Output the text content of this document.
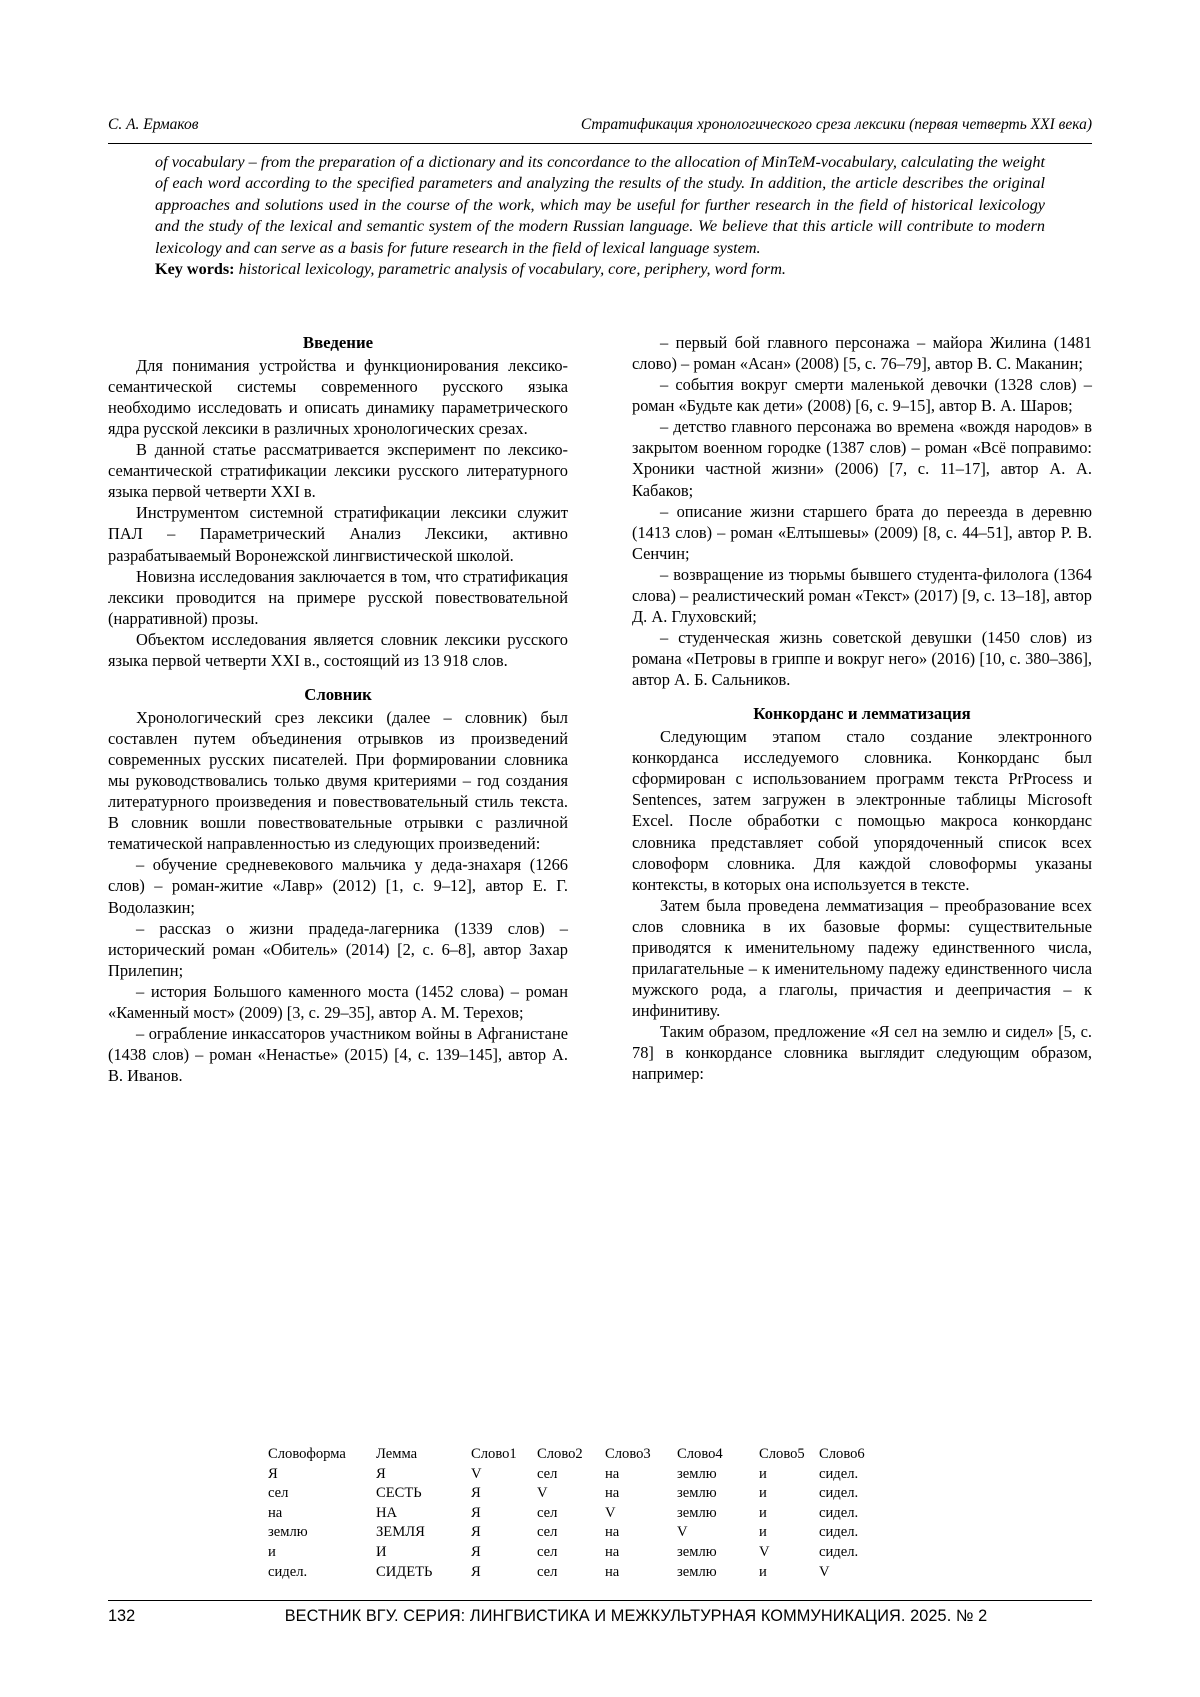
С. А. Ермаков	Стратификация хронологического среза лексики (первая четверть XXI века)

of vocabulary – from the preparation of a dictionary and its concordance to the allocation of MinTeM-vocabulary, calculating the weight of each word according to the specified parameters and analyzing the results of the study. In addition, the article describes the original approaches and solutions used in the course of the work, which may be useful for further research in the field of historical lexicology and the study of the lexical and semantic system of the modern Russian language. We believe that this article will contribute to modern lexicology and can serve as a basis for future research in the field of lexical language system.

Key words: historical lexicology, parametric analysis of vocabulary, core, periphery, word form.

Введение

Для понимания устройства и функционирования лексико-семантической системы современного русского языка необходимо исследовать и описать динамику параметрического ядра русской лексики в различных хронологических срезах.

В данной статье рассматривается эксперимент по лексико-семантической стратификации лексики русского литературного языка первой четверти XXI в.

Инструментом системной стратификации лексики служит ПАЛ – Параметрический Анализ Лексики, активно разрабатываемый Воронежской лингвистической школой.

Новизна исследования заключается в том, что стратификация лексики проводится на примере русской повествовательной (нарративной) прозы.

Объектом исследования является словник лексики русского языка первой четверти XXI в., состоящий из 13 918 слов.

Словник

Хронологический срез лексики (далее – словник) был составлен путем объединения отрывков из произведений современных русских писателей. При формировании словника мы руководствовались только двумя критериями – год создания литературного произведения и повествовательный стиль текста. В словник вошли повествовательные отрывки с различной тематической направленностью из следующих произведений:

– обучение средневекового мальчика у деда-знахаря (1266 слов) – роман-житие «Лавр» (2012) [1, с. 9–12], автор Е. Г. Водолазкин;

– рассказ о жизни прадеда-лагерника (1339 слов) – исторический роман «Обитель» (2014) [2, с. 6–8], автор Захар Прилепин;

– история Большого каменного моста (1452 слова) – роман «Каменный мост» (2009) [3, с. 29–35], автор А. М. Терехов;

– ограбление инкассаторов участником войны в Афганистане (1438 слов) – роман «Ненастье» (2015) [4, с. 139–145], автор А. В. Иванов.

– первый бой главного персонажа – майора Жилина (1481 слово) – роман «Асан» (2008) [5, с. 76–79], автор В. С. Маканин;

– события вокруг смерти маленькой девочки (1328 слов) – роман «Будьте как дети» (2008) [6, с. 9–15], автор В. А. Шаров;

– детство главного персонажа во времена «вождя народов» в закрытом военном городке (1387 слов) – роман «Всё поправимо: Хроники частной жизни» (2006) [7, с. 11–17], автор А. А. Кабаков;

– описание жизни старшего брата до переезда в деревню (1413 слов) – роман «Елтышевы» (2009) [8, с. 44–51], автор Р. В. Сенчин;

– возвращение из тюрьмы бывшего студента-филолога (1364 слова) – реалистический роман «Текст» (2017) [9, с. 13–18], автор Д. А. Глуховский;

– студенческая жизнь советской девушки (1450 слов) из романа «Петровы в гриппе и вокруг него» (2016) [10, с. 380–386], автор А. Б. Сальников.

Конкорданс и лемматизация

Следующим этапом стало создание электронного конкорданса исследуемого словника. Конкорданс был сформирован с использованием программ текста PrProcess и Sentences, затем загружен в электронные таблицы Microsoft Excel. После обработки с помощью макроса конкорданс словника представляет собой упорядоченный список всех словоформ словника. Для каждой словоформы указаны контексты, в которых она используется в тексте.

Затем была проведена лемматизация – преобразование всех слов словника в их базовые формы: существительные приводятся к именительному падежу единственного числа, прилагательные – к именительному падежу единственного числа мужского рода, а глаголы, причастия и деепричастия – к инфинитиву.

Таким образом, предложение «Я сел на землю и сидел» [5, с. 78] в конкордансе словника выглядит следующим образом, например:

Словоформа	Лемма	Слово1	Слово2	Слово3	Слово4	Слово5	Слово6
Я	Я	V	сел	на	землю	и	сидел.
сел	СЕСТЬ	Я	V	на	землю	и	сидел.
на	НА	Я	сел	V	землю	и	сидел.
землю	ЗЕМЛЯ	Я	сел	на	V	и	сидел.
и	И	Я	сел	на	землю	V	сидел.
сидел.	СИДЕТЬ	Я	сел	на	землю	и	V
132	ВЕСТНИК ВГУ. СЕРИЯ: ЛИНГВИСТИКА И МЕЖКУЛЬТУРНАЯ КОММУНИКАЦИЯ. 2025. № 2
